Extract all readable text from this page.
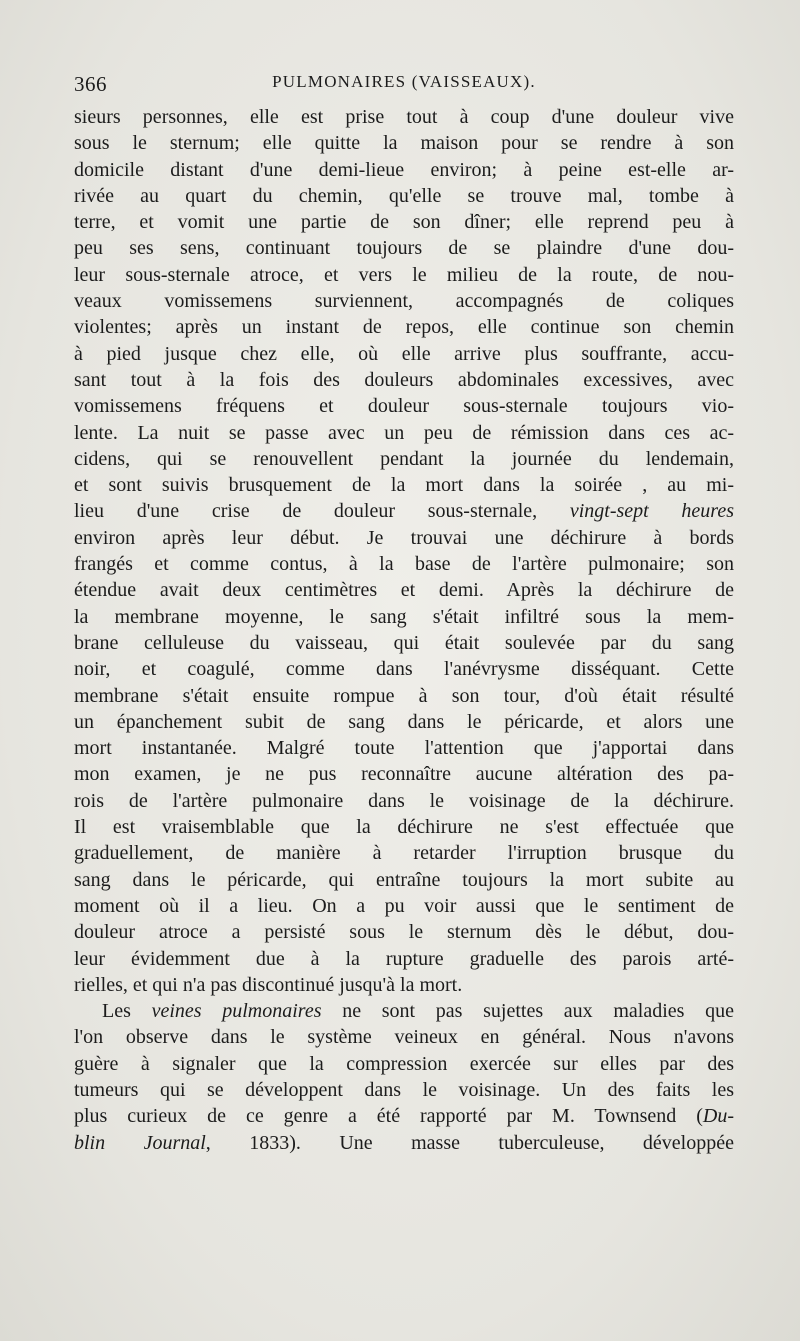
366	PULMONAIRES (VAISSEAUX).
sieurs personnes, elle est prise tout à coup d'une douleur vive
sous le sternum; elle quitte la maison pour se rendre à son
domicile distant d'une demi-lieue environ; à peine est-elle ar-
rivée au quart du chemin, qu'elle se trouve mal, tombe à
terre, et vomit une partie de son dîner; elle reprend peu à
peu ses sens, continuant toujours de se plaindre d'une dou-
leur sous-sternale atroce, et vers le milieu de la route, de nou-
veaux vomissemens surviennent, accompagnés de coliques
violentes; après un instant de repos, elle continue son chemin
à pied jusque chez elle, où elle arrive plus souffrante, accu-
sant tout à la fois des douleurs abdominales excessives, avec
vomissemens fréquens et douleur sous-sternale toujours vio-
lente. La nuit se passe avec un peu de rémission dans ces ac-
cidens, qui se renouvellent pendant la journée du lendemain,
et sont suivis brusquement de la mort dans la soirée , au mi-
lieu d'une crise de douleur sous-sternale, vingt-sept heures
environ après leur début. Je trouvai une déchirure à bords
frangés et comme contus, à la base de l'artère pulmonaire; son
étendue avait deux centimètres et demi. Après la déchirure de
la membrane moyenne, le sang s'était infiltré sous la mem-
brane celluleuse du vaisseau, qui était soulevée par du sang
noir, et coagulé, comme dans l'anévrysme disséquant. Cette
membrane s'était ensuite rompue à son tour, d'où était résulté
un épanchement subit de sang dans le péricarde, et alors une
mort instantanée. Malgré toute l'attention que j'apportai dans
mon examen, je ne pus reconnaître aucune altération des pa-
rois de l'artère pulmonaire dans le voisinage de la déchirure.
Il est vraisemblable que la déchirure ne s'est effectuée que
graduellement, de manière à retarder l'irruption brusque du
sang dans le péricarde, qui entraîne toujours la mort subite au
moment où il a lieu. On a pu voir aussi que le sentiment de
douleur atroce a persisté sous le sternum dès le début, dou-
leur évidemment due à la rupture graduelle des parois arté-
rielles, et qui n'a pas discontinué jusqu'à la mort.
Les veines pulmonaires ne sont pas sujettes aux maladies que
l'on observe dans le système veineux en général. Nous n'avons
guère à signaler que la compression exercée sur elles par des
tumeurs qui se développent dans le voisinage. Un des faits les
plus curieux de ce genre a été rapporté par M. Townsend (Du-
blin Journal, 1833). Une masse tuberculeuse, développée
